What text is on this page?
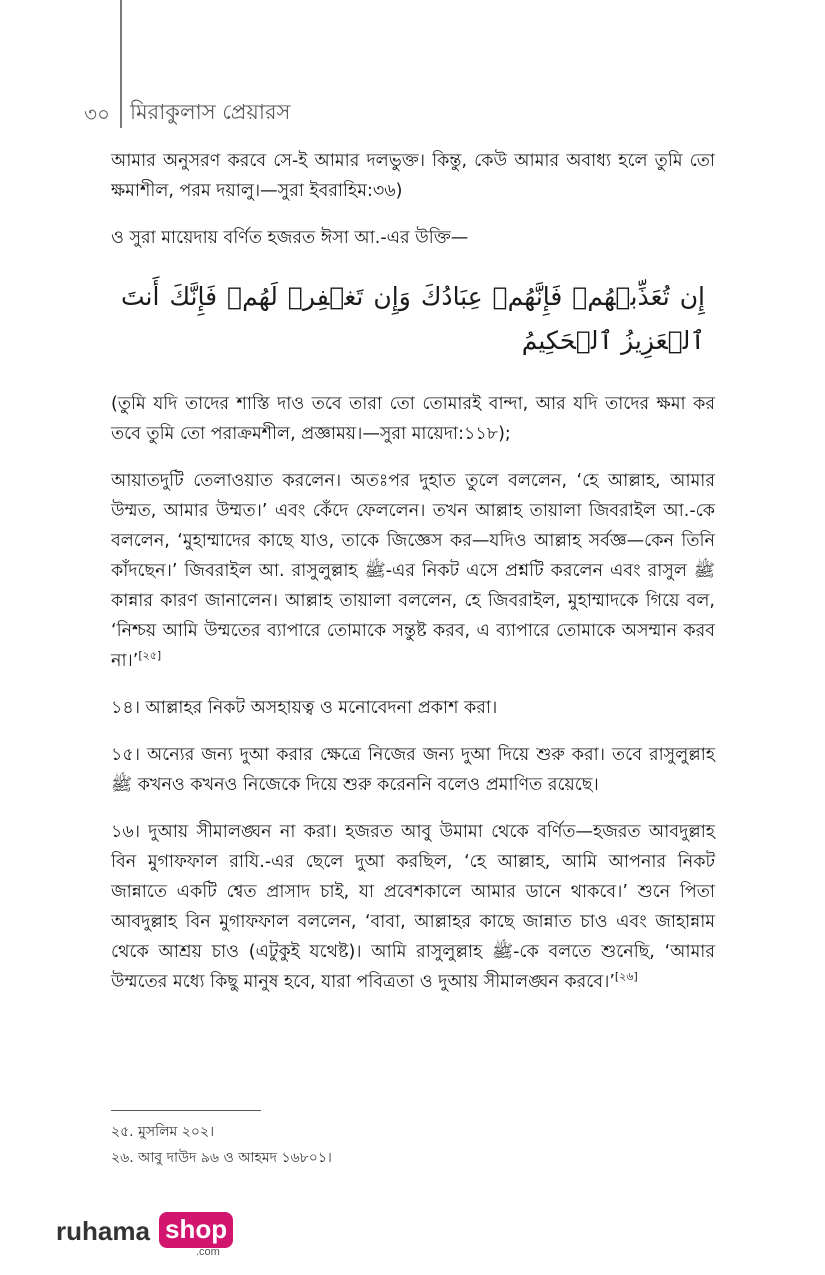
৩০ মিরাকুলাস প্রেয়ারস

আমার অনুসরণ করবে সে-ই আমার দলভুক্ত। কিন্তু, কেউ আমার অবাধ্য হলে তুমি তো ক্ষমাশীল, পরম দয়ালু।—সুরা ইবরাহিম:৩৬)

ও সুরা মায়েদায় বর্ণিত হজরত ঈসা আ.-এর উক্তি—

إِن تُعَذِّبۡهُمۡ فَإِنَّهُمۡ عِبَادُكَ وَإِن تَغۡفِرۡ لَهُمۡ فَإِنَّكَ أَنتَ ٱلۡعَزِيزُ ٱلۡحَكِيمُ

(তুমি যদি তাদের শাস্তি দাও তবে তারা তো তোমারই বান্দা, আর যদি তাদের ক্ষমা কর তবে তুমি তো পরাক্রমশীল, প্রজ্ঞাময়।—সুরা মায়েদা:১১৮);

আয়াতদুটি তেলাওয়াত করলেন। অতঃপর দুহাত তুলে বললেন, ‘হে আল্লাহ, আমার উম্মত, আমার উম্মত।’ এবং কেঁদে ফেললেন। তখন আল্লাহ তায়ালা জিবরাইল আ.-কে বললেন, ‘মুহাম্মাদের কাছে যাও, তাকে জিজ্ঞেস কর—যদিও আল্লাহ সর্বজ্ঞ—কেন তিনি কাঁদছেন।’ জিবরাইল আ. রাসুলুল্লাহ ﷺ-এর নিকট এসে প্রশ্নটি করলেন এবং রাসুল ﷺ কান্নার কারণ জানালেন। আল্লাহ তায়ালা বললেন, হে জিবরাইল, মুহাম্মাদকে গিয়ে বল, ‘নিশ্চয় আমি উম্মতের ব্যাপারে তোমাকে সন্তুষ্ট করব, এ ব্যাপারে তোমাকে অসম্মান করব না।’[২৫]

১৪। আল্লাহর নিকট অসহায়ত্ব ও মনোবেদনা প্রকাশ করা।

১৫। অন্যের জন্য দুআ করার ক্ষেত্রে নিজের জন্য দুআ দিয়ে শুরু করা। তবে রাসুলুল্লাহ ﷺ কখনও কখনও নিজেকে দিয়ে শুরু করেননি বলেও প্রমাণিত রয়েছে।

১৬। দুআয় সীমালঙ্ঘন না করা। হজরত আবু উমামা থেকে বর্ণিত—হজরত আবদুল্লাহ বিন মুগাফফাল রাযি.-এর ছেলে দুআ করছিল, ‘হে আল্লাহ, আমি আপনার নিকট জান্নাতে একটি শ্বেত প্রাসাদ চাই, যা প্রবেশকালে আমার ডানে থাকবে।’ শুনে পিতা আবদুল্লাহ বিন মুগাফফাল বললেন, ‘বাবা, আল্লাহর কাছে জান্নাত চাও এবং জাহান্নাম থেকে আশ্রয় চাও (এটুকুই যথেষ্ট)। আমি রাসুলুল্লাহ ﷺ-কে বলতে শুনেছি, ‘আমার উম্মতের মধ্যে কিছু মানুষ হবে, যারা পবিত্রতা ও দুআয় সীমালঙ্ঘন করবে।’[২৬]

২৫. মুসলিম ২০২।
২৬. আবু দাউদ ৯৬ ও আহমদ ১৬৮০১।
ruhama shop
.com
